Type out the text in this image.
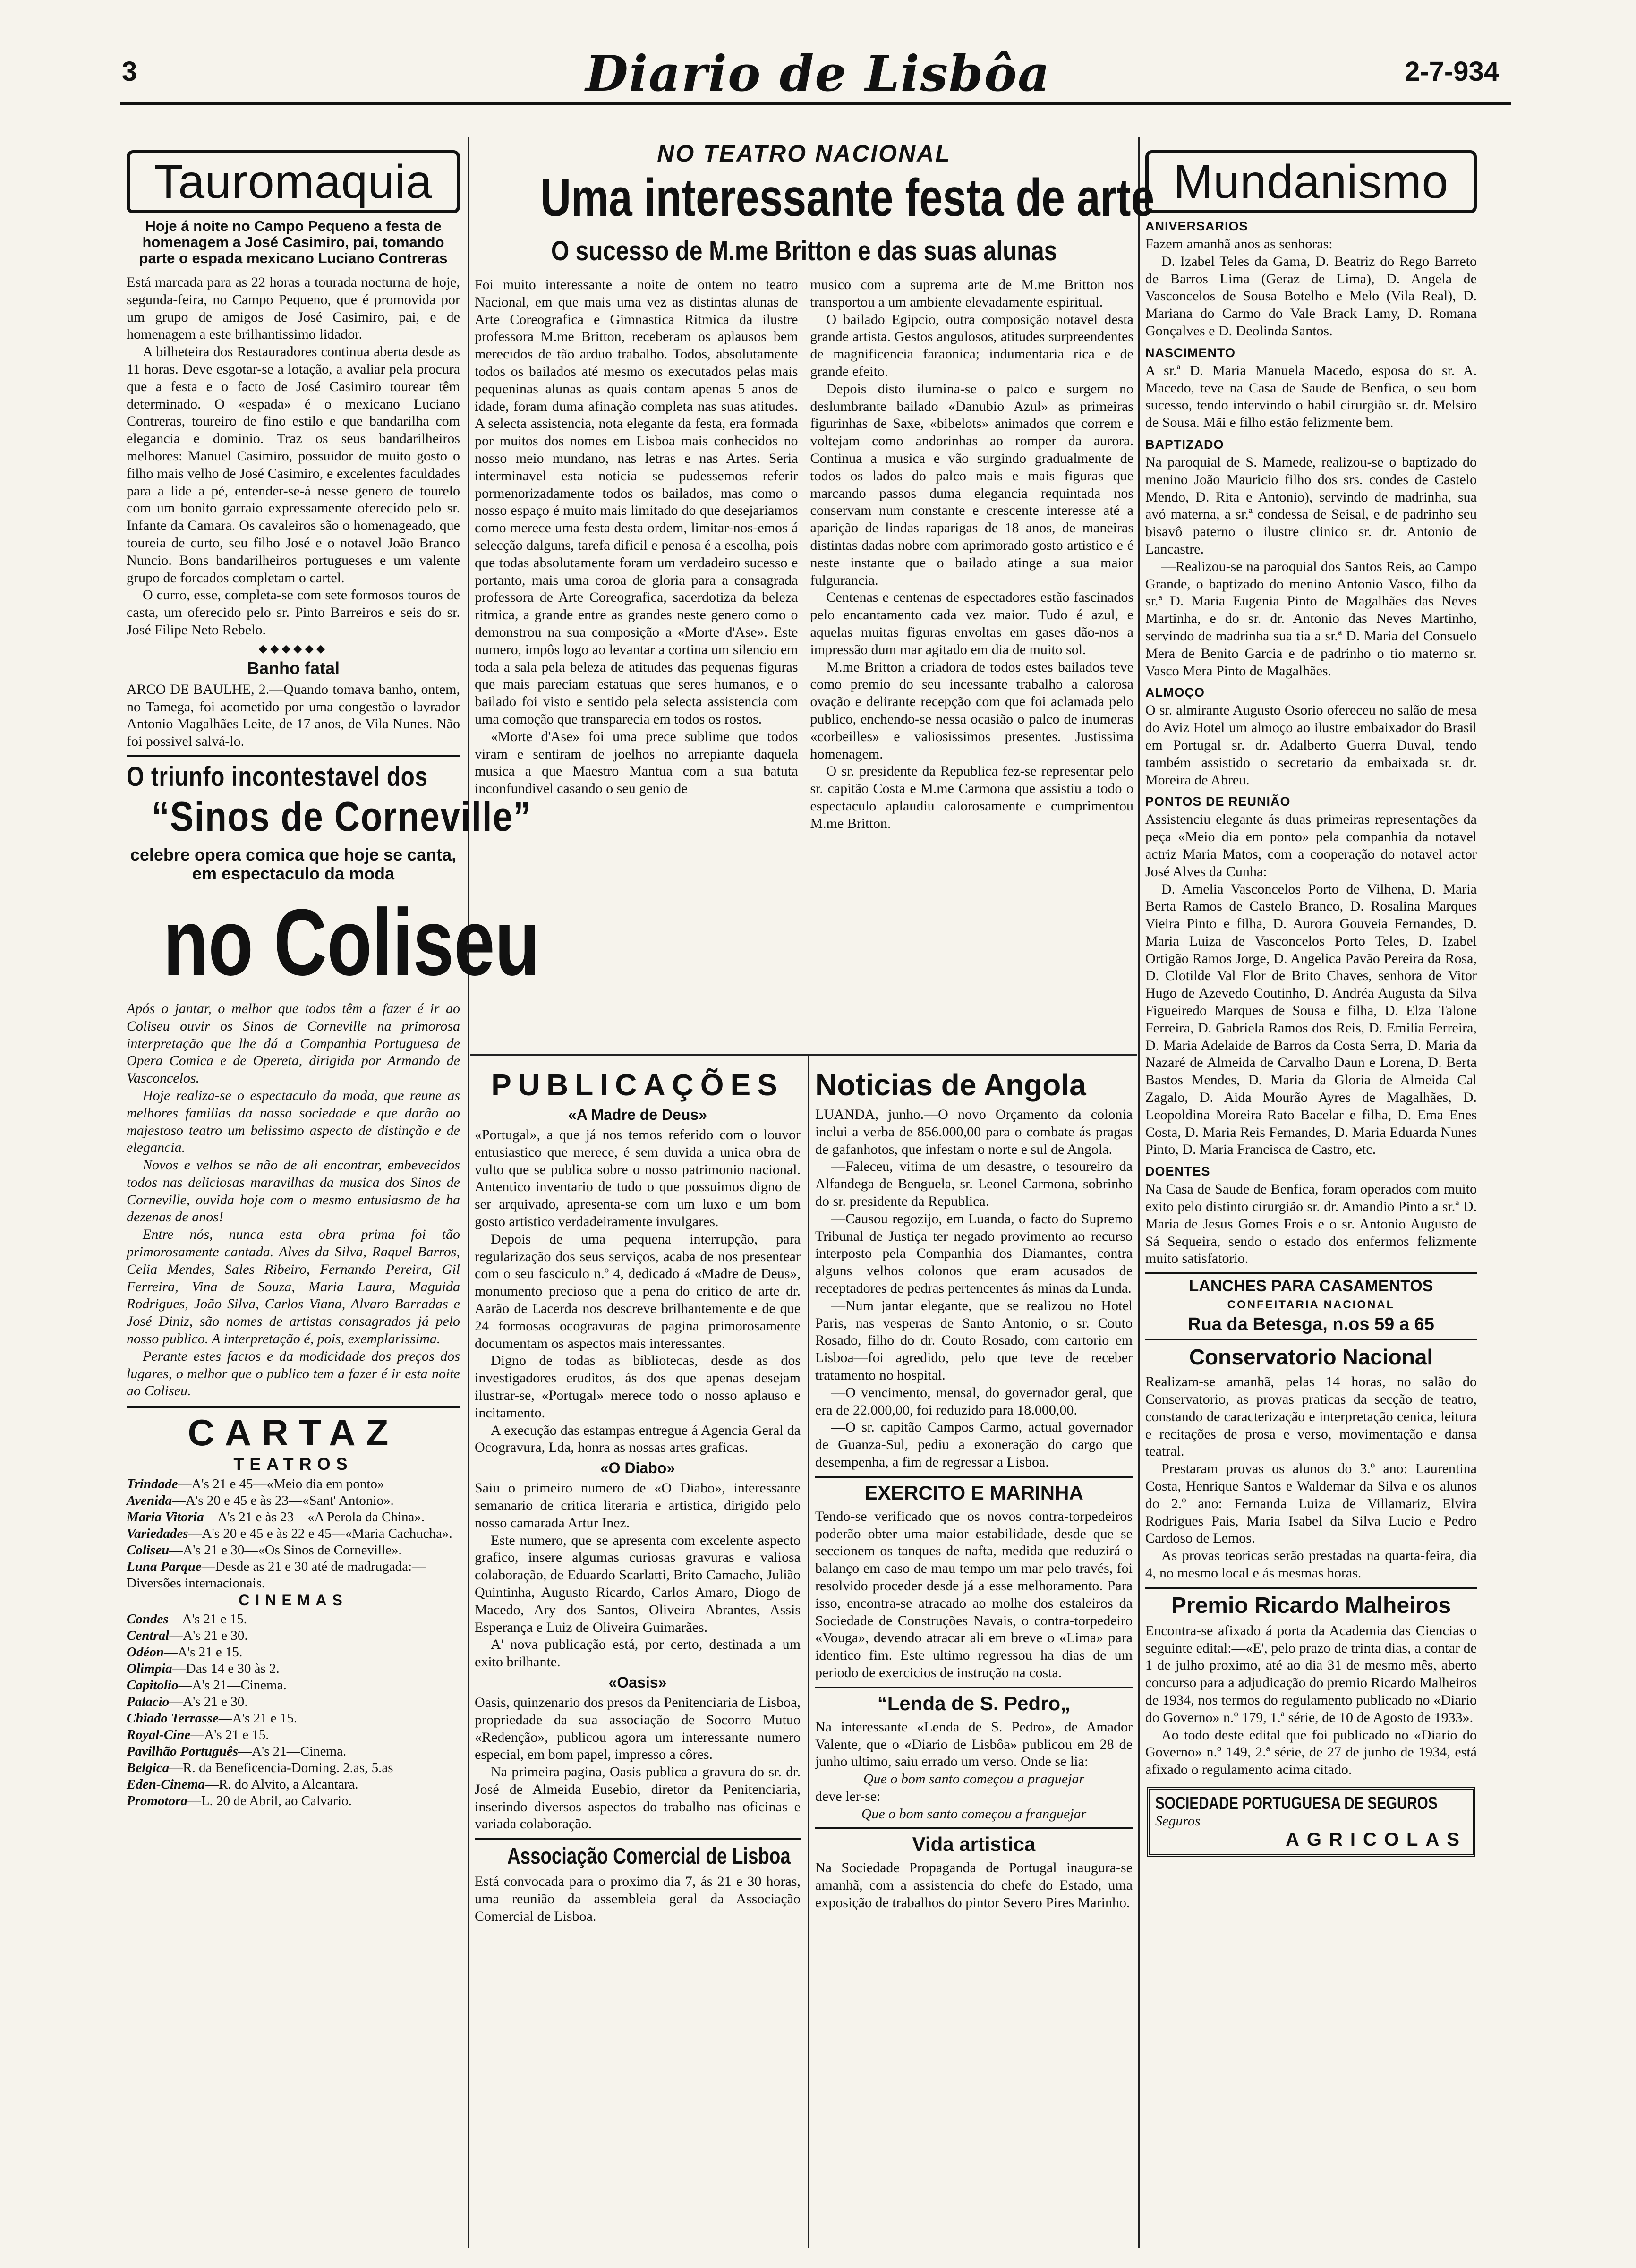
3	Diario de Lisbôa	2-7-934
Tauromaquia
Hoje á noite no Campo Pequeno a festa de homenagem a José Casimiro, pai, tomando parte o espada mexicano Luciano Contreras

Está marcada para as 22 horas a tourada nocturna de hoje, segunda-feira, no Campo Pequeno, que é promovida por um grupo de amigos de José Casimiro, pai, e de homenagem a este brilhantissimo lidador.

A bilheteira dos Restauradores continua aberta desde as 11 horas. Deve esgotar-se a lotação, a avaliar pela procura que a festa e o facto de José Casimiro tourear têm determinado. O «espada» é o mexicano Luciano Contreras, toureiro de fino estilo e que bandarilha com elegancia e dominio. Traz os seus bandarilheiros melhores: Manuel Casimiro, possuidor de muito gosto o filho mais velho de José Casimiro, e excelentes faculdades para a lide a pé, entender-se-á nesse genero de tourelo com um bonito garraio expressamente oferecido pelo sr. Infante da Camara. Os cavaleiros são o homenageado, que toureia de curto, seu filho José e o notavel João Branco Nuncio. Bons bandarilheiros portugueses e um valente grupo de forcados completam o cartel.

O curro, esse, completa-se com sete formosos touros de casta, um oferecido pelo sr. Pinto Barreiros e seis do sr. José Filipe Neto Rebelo.

◆◆◆◆◆◆
Banho fatal

ARCO DE BAULHE, 2.—Quando tomava banho, ontem, no Tamega, foi acometido por uma congestão o lavrador Antonio Magalhães Leite, de 17 anos, de Vila Nunes. Não foi possivel salvá-lo.

O triunfo incontestavel dos
“Sinos de Corneville”
celebre opera comica que hoje se canta, em espectaculo da moda
no Coliseu

Após o jantar, o melhor que todos têm a fazer é ir ao Coliseu ouvir os Sinos de Corneville na primorosa interpretação que lhe dá a Companhia Portuguesa de Opera Comica e de Opereta, dirigida por Armando de Vasconcelos.

Hoje realiza-se o espectaculo da moda, que reune as melhores familias da nossa sociedade e que darão ao majestoso teatro um belissimo aspecto de distinção e de elegancia.

Novos e velhos se não de ali encontrar, embevecidos todos nas deliciosas maravilhas da musica dos Sinos de Corneville, ouvida hoje com o mesmo entusiasmo de ha dezenas de anos!

Entre nós, nunca esta obra prima foi tão primorosamente cantada. Alves da Silva, Raquel Barros, Celia Mendes, Sales Ribeiro, Fernando Pereira, Gil Ferreira, Vina de Souza, Maria Laura, Maguida Rodrigues, João Silva, Carlos Viana, Alvaro Barradas e José Diniz, são nomes de artistas consagrados já pelo nosso publico. A interpretação é, pois, exemplarissima.

Perante estes factos e da modicidade dos preços dos lugares, o melhor que o publico tem a fazer é ir esta noite ao Coliseu.

CARTAZ
TEATROS

Trindade—A's 21 e 45—«Meio dia em ponto»

Avenida—A's 20 e 45 e às 23—«Sant' Antonio».

Maria Vitoria—A's 21 e às 23—«A Perola da China».

Variedades—A's 20 e 45 e às 22 e 45—«Maria Cachucha».

Coliseu—A's 21 e 30—«Os Sinos de Corneville».

Luna Parque—Desde as 21 e 30 até de madrugada:—Diversões internacionais.

CINEMAS

Condes—A's 21 e 15.

Central—A's 21 e 30.

Odéon—A's 21 e 15.

Olimpia—Das 14 e 30 às 2.

Capitolio—A's 21—Cinema.

Palacio—A's 21 e 30.

Chiado Terrasse—A's 21 e 15.

Royal-Cine—A's 21 e 15.

Pavilhão Português—A's 21—Cinema.

Belgica—R. da Beneficencia-Doming. 2.as, 5.as

Eden-Cinema—R. do Alvito, a Alcantara.

Promotora—L. 20 de Abril, ao Calvario.

NO TEATRO NACIONAL
Uma interessante festa de arte
O sucesso de M.me Britton e das suas alunas

Foi muito interessante a noite de ontem no teatro Nacional, em que mais uma vez as distintas alunas de Arte Coreografica e Gimnastica Ritmica da ilustre professora M.me Britton, receberam os aplausos bem merecidos de tão arduo trabalho. Todos, absolutamente todos os bailados até mesmo os executados pelas mais pequeninas alunas as quais contam apenas 5 anos de idade, foram duma afinação completa nas suas atitudes. A selecta assistencia, nota elegante da festa, era formada por muitos dos nomes em Lisboa mais conhecidos no nosso meio mundano, nas letras e nas Artes. Seria interminavel esta noticia se pudessemos referir pormenorizadamente todos os bailados, mas como o nosso espaço é muito mais limitado do que desejariamos como merece uma festa desta ordem, limitar-nos-emos á selecção dalguns, tarefa dificil e penosa é a escolha, pois que todas absolutamente foram um verdadeiro sucesso e portanto, mais uma coroa de gloria para a consagrada professora de Arte Coreografica, sacerdotiza da beleza ritmica, a grande entre as grandes neste genero como o demonstrou na sua composição a «Morte d'Ase». Este numero, impôs logo ao levantar a cortina um silencio em toda a sala pela beleza de atitudes das pequenas figuras que mais pareciam estatuas que seres humanos, e o bailado foi visto e sentido pela selecta assistencia com uma comoção que transparecia em todos os rostos.

«Morte d'Ase» foi uma prece sublime que todos viram e sentiram de joelhos no arrepiante daquela musica a que Maestro Mantua com a sua batuta inconfundivel casando o seu genio de

musico com a suprema arte de M.me Britton nos transportou a um ambiente elevadamente espiritual.

O bailado Egipcio, outra composição notavel desta grande artista. Gestos angulosos, atitudes surpreendentes de magnificencia faraonica; indumentaria rica e de grande efeito.

Depois disto ilumina-se o palco e surgem no deslumbrante bailado «Danubio Azul» as primeiras figurinhas de Saxe, «bibelots» animados que correm e voltejam como andorinhas ao romper da aurora. Continua a musica e vão surgindo gradualmente de todos os lados do palco mais e mais figuras que marcando passos duma elegancia requintada nos conservam num constante e crescente interesse até a aparição de lindas raparigas de 18 anos, de maneiras distintas dadas nobre com aprimorado gosto artistico e é neste instante que o bailado atinge a sua maior fulgurancia.

Centenas e centenas de espectadores estão fascinados pelo encantamento cada vez maior. Tudo é azul, e aquelas muitas figuras envoltas em gases dão-nos a impressão dum mar agitado em dia de muito sol.

M.me Britton a criadora de todos estes bailados teve como premio do seu incessante trabalho a calorosa ovação e delirante recepção com que foi aclamada pelo publico, enchendo-se nessa ocasião o palco de inumeras «corbeilles» e valiosissimos presentes. Justissima homenagem.

O sr. presidente da Republica fez-se representar pelo sr. capitão Costa e M.me Carmona que assistiu a todo o espectaculo aplaudiu calorosamente e cumprimentou M.me Britton.

PUBLICAÇÕES
«A Madre de Deus»

«Portugal», a que já nos temos referido com o louvor entusiastico que merece, é sem duvida a unica obra de vulto que se publica sobre o nosso patrimonio nacional. Antentico inventario de tudo o que possuimos digno de ser arquivado, apresenta-se com um luxo e um bom gosto artistico verdadeiramente invulgares.

Depois de uma pequena interrupção, para regularização dos seus serviços, acaba de nos presentear com o seu fasciculo n.º 4, dedicado á «Madre de Deus», monumento precioso que a pena do critico de arte dr. Aarão de Lacerda nos descreve brilhantemente e de que 24 formosas ocogravuras de pagina primorosamente documentam os aspectos mais interessantes.

Digno de todas as bibliotecas, desde as dos investigadores eruditos, ás dos que apenas desejam ilustrar-se, «Portugal» merece todo o nosso aplauso e incitamento.

A execução das estampas entregue á Agencia Geral da Ocogravura, Lda, honra as nossas artes graficas.

«O Diabo»

Saiu o primeiro numero de «O Diabo», interessante semanario de critica literaria e artistica, dirigido pelo nosso camarada Artur Inez.

Este numero, que se apresenta com excelente aspecto grafico, insere algumas curiosas gravuras e valiosa colaboração, de Eduardo Scarlatti, Brito Camacho, Julião Quintinha, Augusto Ricardo, Carlos Amaro, Diogo de Macedo, Ary dos Santos, Oliveira Abrantes, Assis Esperança e Luiz de Oliveira Guimarães.

A' nova publicação está, por certo, destinada a um exito brilhante.

«Oasis»

Oasis, quinzenario dos presos da Penitenciaria de Lisboa, propriedade da sua associação de Socorro Mutuo «Redenção», publicou agora um interessante numero especial, em bom papel, impresso a côres.

Na primeira pagina, Oasis publica a gravura do sr. dr. José de Almeida Eusebio, diretor da Penitenciaria, inserindo diversos aspectos do trabalho nas oficinas e variada colaboração.

Associação Comercial de Lisboa

Está convocada para o proximo dia 7, ás 21 e 30 horas, uma reunião da assembleia geral da Associação Comercial de Lisboa.

Noticias de Angola

LUANDA, junho.—O novo Orçamento da colonia inclui a verba de 856.000,00 para o combate ás pragas de gafanhotos, que infestam o norte e sul de Angola.

—Faleceu, vitima de um desastre, o tesoureiro da Alfandega de Benguela, sr. Leonel Carmona, sobrinho do sr. presidente da Republica.

—Causou regozijo, em Luanda, o facto do Supremo Tribunal de Justiça ter negado provimento ao recurso interposto pela Companhia dos Diamantes, contra alguns velhos colonos que eram acusados de receptadores de pedras pertencentes ás minas da Lunda.

—Num jantar elegante, que se realizou no Hotel Paris, nas vesperas de Santo Antonio, o sr. Couto Rosado, filho do dr. Couto Rosado, com cartorio em Lisboa—foi agredido, pelo que teve de receber tratamento no hospital.

—O vencimento, mensal, do governador geral, que era de 22.000,00, foi reduzido para 18.000,00.

—O sr. capitão Campos Carmo, actual governador de Guanza-Sul, pediu a exoneração do cargo que desempenha, a fim de regressar a Lisboa.

EXERCITO E MARINHA

Tendo-se verificado que os novos contra-torpedeiros poderão obter uma maior estabilidade, desde que se seccionem os tanques de nafta, medida que reduzirá o balanço em caso de mau tempo um mar pelo través, foi resolvido proceder desde já a esse melhoramento. Para isso, encontra-se atracado ao molhe dos estaleiros da Sociedade de Construções Navais, o contra-torpedeiro «Vouga», devendo atracar ali em breve o «Lima» para identico fim. Este ultimo regressou ha dias de um periodo de exercicios de instrução na costa.

“Lenda de S. Pedro„

Na interessante «Lenda de S. Pedro», de Amador Valente, que o «Diario de Lisbôa» publicou em 28 de junho ultimo, saiu errado um verso. Onde se lia:

Que o bom santo começou a praguejar

deve ler-se:

Que o bom santo começou a franguejar

Vida artistica

Na Sociedade Propaganda de Portugal inaugura-se amanhã, com a assistencia do chefe do Estado, uma exposição de trabalhos do pintor Severo Pires Marinho.

Mundanismo
ANIVERSARIOS

Fazem amanhã anos as senhoras:

D. Izabel Teles da Gama, D. Beatriz do Rego Barreto de Barros Lima (Geraz de Lima), D. Angela de Vasconcelos de Sousa Botelho e Melo (Vila Real), D. Mariana do Carmo do Vale Brack Lamy, D. Romana Gonçalves e D. Deolinda Santos.

NASCIMENTO

A sr.ª D. Maria Manuela Macedo, esposa do sr. A. Macedo, teve na Casa de Saude de Benfica, o seu bom sucesso, tendo intervindo o habil cirurgião sr. dr. Melsiro de Sousa. Mãi e filho estão felizmente bem.

BAPTIZADO

Na paroquial de S. Mamede, realizou-se o baptizado do menino João Mauricio filho dos srs. condes de Castelo Mendo, D. Rita e Antonio), servindo de madrinha, sua avó materna, a sr.ª condessa de Seisal, e de padrinho seu bisavô paterno o ilustre clinico sr. dr. Antonio de Lancastre.

—Realizou-se na paroquial dos Santos Reis, ao Campo Grande, o baptizado do menino Antonio Vasco, filho da sr.ª D. Maria Eugenia Pinto de Magalhães das Neves Martinha, e do sr. dr. Antonio das Neves Martinho, servindo de madrinha sua tia a sr.ª D. Maria del Consuelo Mera de Benito Garcia e de padrinho o tio materno sr. Vasco Mera Pinto de Magalhães.

ALMOÇO

O sr. almirante Augusto Osorio ofereceu no salão de mesa do Aviz Hotel um almoço ao ilustre embaixador do Brasil em Portugal sr. dr. Adalberto Guerra Duval, tendo também assistido o secretario da embaixada sr. dr. Moreira de Abreu.

PONTOS DE REUNIÃO

Assistenciu elegante ás duas primeiras representações da peça «Meio dia em ponto» pela companhia da notavel actriz Maria Matos, com a cooperação do notavel actor José Alves da Cunha:

D. Amelia Vasconcelos Porto de Vilhena, D. Maria Berta Ramos de Castelo Branco, D. Rosalina Marques Vieira Pinto e filha, D. Aurora Gouveia Fernandes, D. Maria Luiza de Vasconcelos Porto Teles, D. Izabel Ortigão Ramos Jorge, D. Angelica Pavão Pereira da Rosa, D. Clotilde Val Flor de Brito Chaves, senhora de Vitor Hugo de Azevedo Coutinho, D. Andréa Augusta da Silva Figueiredo Marques de Sousa e filha, D. Elza Talone Ferreira, D. Gabriela Ramos dos Reis, D. Emilia Ferreira, D. Maria Adelaide de Barros da Costa Serra, D. Maria da Nazaré de Almeida de Carvalho Daun e Lorena, D. Berta Bastos Mendes, D. Maria da Gloria de Almeida Cal Zagalo, D. Aida Mourão Ayres de Magalhães, D. Leopoldina Moreira Rato Bacelar e filha, D. Ema Enes Costa, D. Maria Reis Fernandes, D. Maria Eduarda Nunes Pinto, D. Maria Francisca de Castro, etc.

DOENTES

Na Casa de Saude de Benfica, foram operados com muito exito pelo distinto cirurgião sr. dr. Amandio Pinto a sr.ª D. Maria de Jesus Gomes Frois e o sr. Antonio Augusto de Sá Sequeira, sendo o estado dos enfermos felizmente muito satisfatorio.

LANCHES PARA CASAMENTOS
CONFEITARIA NACIONAL
Rua da Betesga, n.os 59 a 65
Conservatorio Nacional

Realizam-se amanhã, pelas 14 horas, no salão do Conservatorio, as provas praticas da secção de teatro, constando de caracterização e interpretação cenica, leitura e recitações de prosa e verso, movimentação e dansa teatral.

Prestaram provas os alunos do 3.º ano: Laurentina Costa, Henrique Santos e Waldemar da Silva e os alunos do 2.º ano: Fernanda Luiza de Villamariz, Elvira Rodrigues Pais, Maria Isabel da Silva Lucio e Pedro Cardoso de Lemos.

As provas teoricas serão prestadas na quarta-feira, dia 4, no mesmo local e ás mesmas horas.

Premio Ricardo Malheiros

Encontra-se afixado á porta da Academia das Ciencias o seguinte edital:—«E', pelo prazo de trinta dias, a contar de 1 de julho proximo, até ao dia 31 de mesmo mês, aberto concurso para a adjudicação do premio Ricardo Malheiros de 1934, nos termos do regulamento publicado no «Diario do Governo» n.º 179, 1.ª série, de 10 de Agosto de 1933».

Ao todo deste edital que foi publicado no «Diario do Governo» n.º 149, 2.ª série, de 27 de junho de 1934, está afixado o regulamento acima citado.

SOCIEDADE PORTUGUESA DE SEGUROS
Seguros
AGRICOLAS
